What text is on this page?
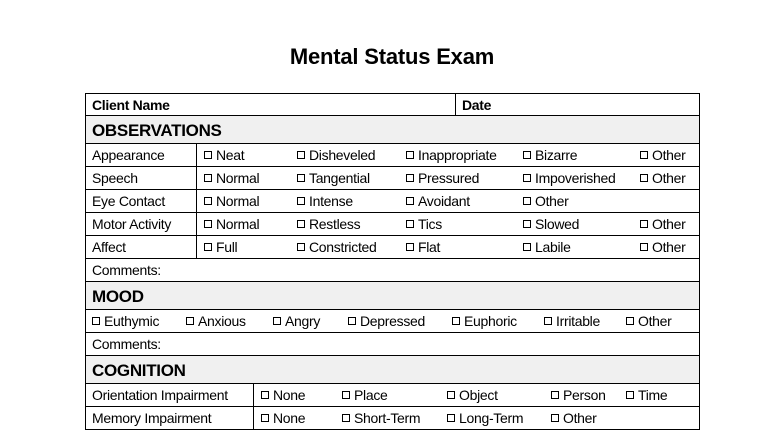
Mental Status Exam
Client Name	Date
OBSERVATIONS
Appearance	Neat	Disheveled	Inappropriate	Bizarre	Other
Speech	Normal	Tangential	Pressured	Impoverished	Other
Eye Contact	Normal	Intense	Avoidant	Other
Motor Activity	Normal	Restless	Tics	Slowed	Other
Affect	Full	Constricted	Flat	Labile	Other
Comments:
MOOD
Euthymic	Anxious	Angry	Depressed	Euphoric	Irritable	Other
Comments:
COGNITION
Orientation Impairment	None	Place	Object	Person	Time
Memory Impairment	None	Short-Term	Long-Term	Other
